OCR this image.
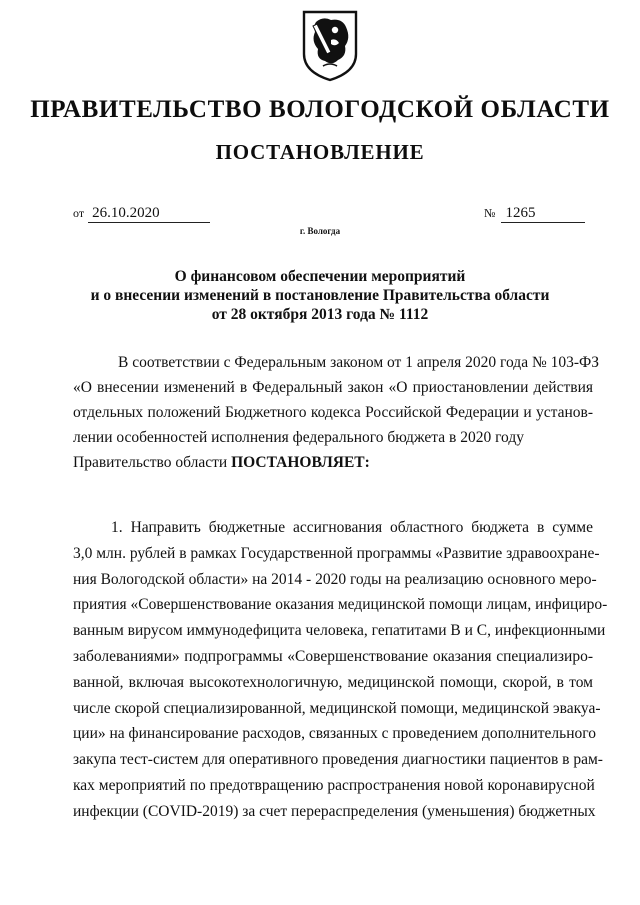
ПРАВИТЕЛЬСТВО ВОЛОГОДСКОЙ ОБЛАСТИ
ПОСТАНОВЛЕНИЕ
от 26.10.2020	№ 1265
г. Вологда
О финансовом обеспечении мероприятий
и о внесении изменений в постановление Правительства области
от 28 октября 2013 года № 1112
В соответствии с Федеральным законом от 1 апреля 2020 года № 103-ФЗ
«О внесении изменений в Федеральный закон «О приостановлении действия
отдельных положений Бюджетного кодекса Российской Федерации и установ-
лении особенностей исполнения федерального бюджета в 2020 году
Правительство области ПОСТАНОВЛЯЕТ:
1. Направить бюджетные ассигнования областного бюджета в сумме
3,0 млн. рублей в рамках Государственной программы «Развитие здравоохране-
ния Вологодской области» на 2014 - 2020 годы на реализацию основного меро-
приятия «Совершенствование оказания медицинской помощи лицам, инфициро-
ванным вирусом иммунодефицита человека, гепатитами В и С, инфекционными
заболеваниями» подпрограммы «Совершенствование оказания специализиро-
ванной, включая высокотехнологичную, медицинской помощи, скорой, в том
числе скорой специализированной, медицинской помощи, медицинской эвакуа-
ции» на финансирование расходов, связанных с проведением дополнительного
закупа тест-систем для оперативного проведения диагностики пациентов в рам-
ках мероприятий по предотвращению распространения новой коронавирусной
инфекции (COVID-2019) за счет перераспределения (уменьшения) бюджетных
